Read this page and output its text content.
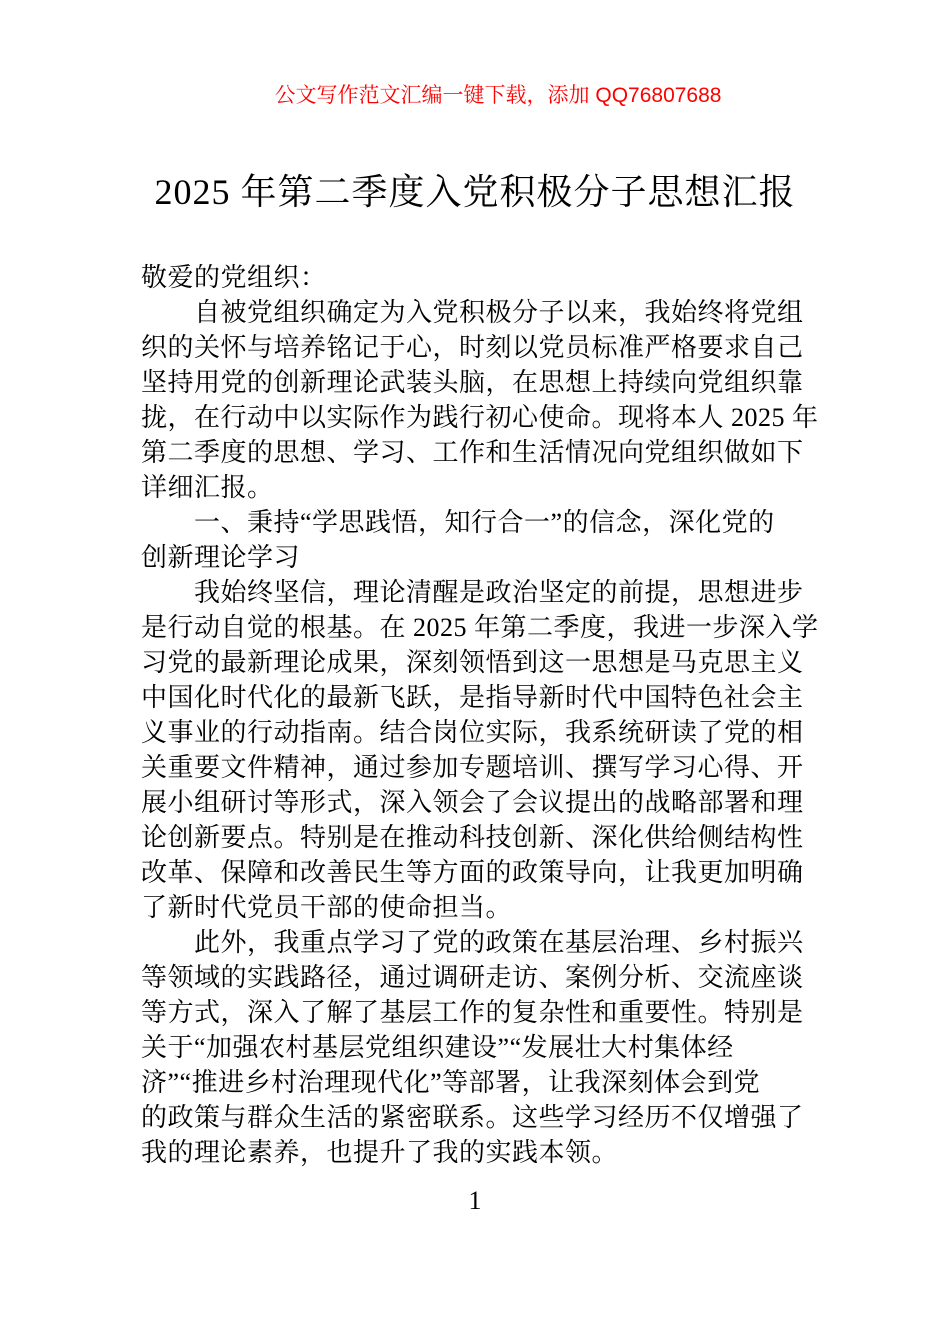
公文写作范文汇编一键下载，添加 QQ76807688
2025 年第二季度入党积极分子思想汇报
敬爱的党组织：
自被党组织确定为入党积极分子以来，我始终将党组
织的关怀与培养铭记于心，时刻以党员标准严格要求自己
坚持用党的创新理论武装头脑，在思想上持续向党组织靠
拢，在行动中以实际作为践行初心使命。现将本人 2025 年
第二季度的思想、学习、工作和生活情况向党组织做如下
详细汇报。
一、秉持“学思践悟，知行合一”的信念，深化党的
创新理论学习
我始终坚信，理论清醒是政治坚定的前提，思想进步
是行动自觉的根基。在 2025 年第二季度，我进一步深入学
习党的最新理论成果，深刻领悟到这一思想是马克思主义
中国化时代化的最新飞跃，是指导新时代中国特色社会主
义事业的行动指南。结合岗位实际，我系统研读了党的相
关重要文件精神，通过参加专题培训、撰写学习心得、开
展小组研讨等形式，深入领会了会议提出的战略部署和理
论创新要点。特别是在推动科技创新、深化供给侧结构性
改革、保障和改善民生等方面的政策导向，让我更加明确
了新时代党员干部的使命担当。
此外，我重点学习了党的政策在基层治理、乡村振兴
等领域的实践路径，通过调研走访、案例分析、交流座谈
等方式，深入了解了基层工作的复杂性和重要性。特别是
关于“加强农村基层党组织建设”“发展壮大村集体经
济”“推进乡村治理现代化”等部署，让我深刻体会到党
的政策与群众生活的紧密联系。这些学习经历不仅增强了
我的理论素养，也提升了我的实践本领。
1
